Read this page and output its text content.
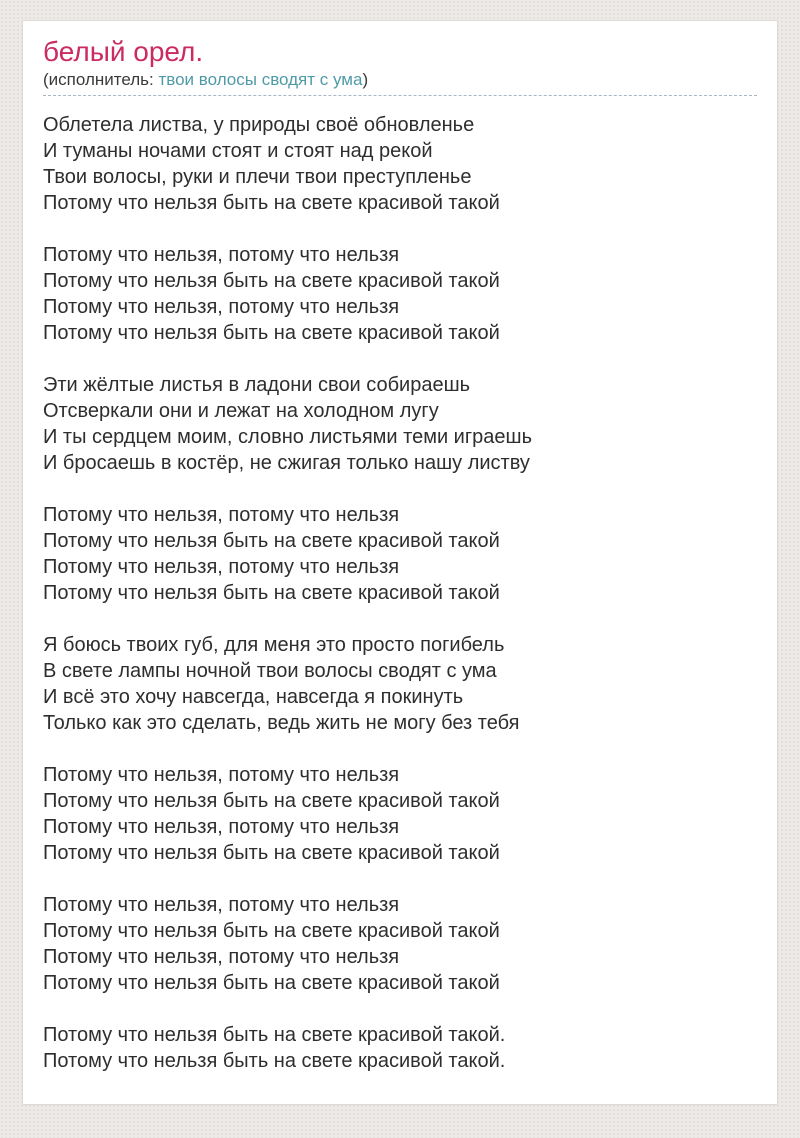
белый орел.
(исполнитель: твои волосы сводят с ума)

Облетела листва, у природы своё обновленье
И туманы ночами стоят и стоят над рекой
Твои волосы, руки и плечи твои преступленье
Потому что нельзя быть на свете красивой такой

Потому что нельзя, потому что нельзя
Потому что нельзя быть на свете красивой такой
Потому что нельзя, потому что нельзя
Потому что нельзя быть на свете красивой такой

Эти жёлтые листья в ладони свои собираешь
Отсверкали они и лежат на холодном лугу
И ты сердцем моим, словно листьями теми играешь
И бросаешь в костёр, не сжигая только нашу листву

Потому что нельзя, потому что нельзя
Потому что нельзя быть на свете красивой такой
Потому что нельзя, потому что нельзя
Потому что нельзя быть на свете красивой такой

Я боюсь твоих губ, для меня это просто погибель
В свете лампы ночной твои волосы сводят с ума
И всё это хочу навсегда, навсегда я покинуть
Только как это сделать, ведь жить не могу без тебя

Потому что нельзя, потому что нельзя
Потому что нельзя быть на свете красивой такой
Потому что нельзя, потому что нельзя
Потому что нельзя быть на свете красивой такой

Потому что нельзя, потому что нельзя
Потому что нельзя быть на свете красивой такой
Потому что нельзя, потому что нельзя
Потому что нельзя быть на свете красивой такой

Потому что нельзя быть на свете красивой такой.
Потому что нельзя быть на свете красивой такой.
